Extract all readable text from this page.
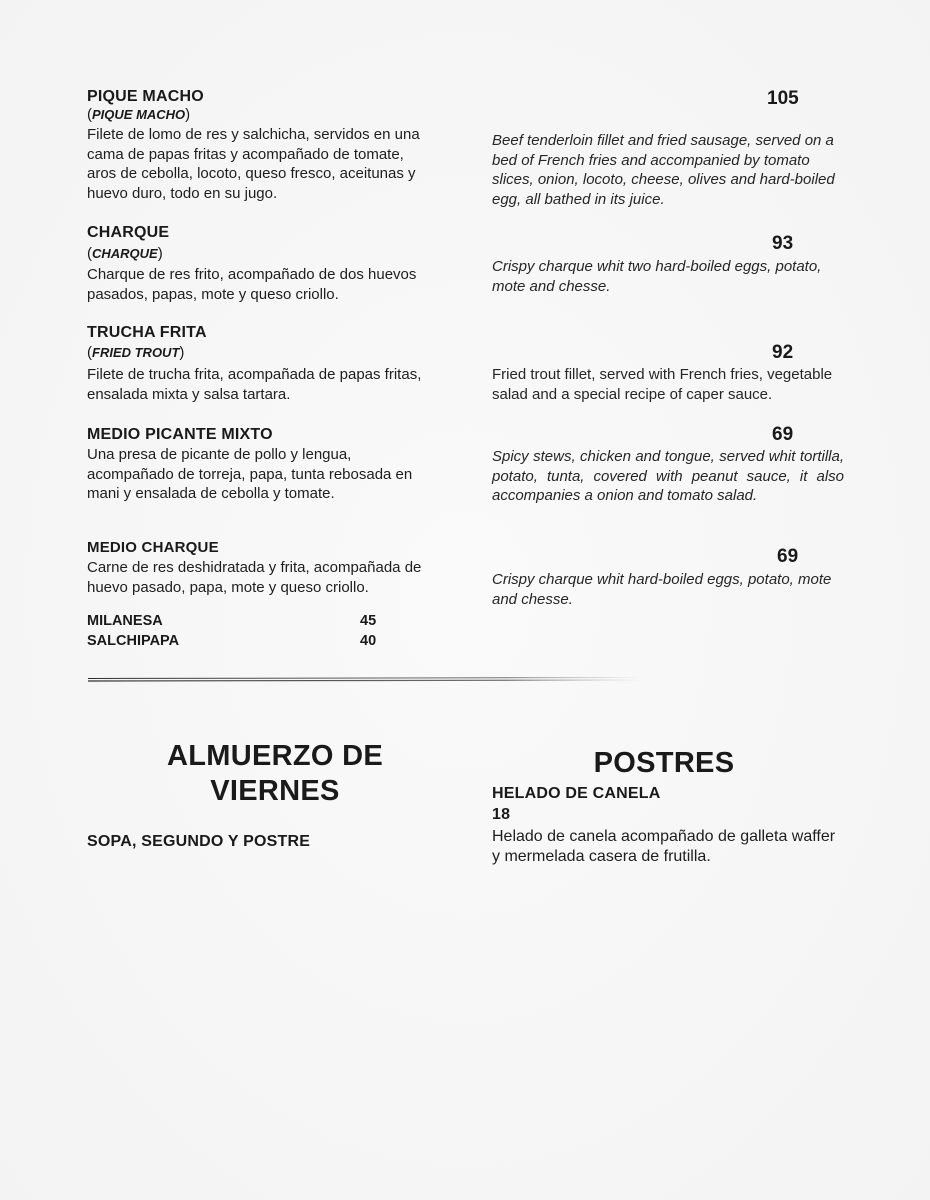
PIQUE MACHO
(PIQUE MACHO)
Filete de lomo de res y salchicha, servidos en una cama de papas fritas y acompañado de tomate, aros de cebolla, locoto, queso fresco, aceitunas y huevo duro, todo en su jugo.
105
Beef tenderloin fillet and fried sausage, served on a bed of French fries and accompanied by tomato slices, onion, locoto, cheese, olives and hard-boiled egg, all bathed in its juice.
CHARQUE
(CHARQUE)
Charque de res frito, acompañado de dos huevos pasados, papas, mote y queso criollo.
93
Crispy charque whit two hard-boiled eggs, potato, mote and chesse.
TRUCHA FRITA
(FRIED TROUT)
Filete de trucha frita, acompañada de papas fritas, ensalada mixta y salsa tartara.
92
Fried trout fillet, served with French fries, vegetable salad and a special recipe of caper sauce.
MEDIO PICANTE MIXTO
Una presa de picante de pollo y lengua, acompañado de torreja, papa, tunta rebosada en mani y ensalada de cebolla y tomate.
69
Spicy stews, chicken and tongue, served whit tortilla, potato, tunta, covered with peanut sauce, it also accompanies a onion and tomato salad.
MEDIO CHARQUE
Carne de res deshidratada y frita, acompañada de huevo pasado, papa, mote y queso criollo.
69
Crispy charque whit hard-boiled eggs, potato, mote and chesse.
MILANESA	45
SALCHIPAPA	40
ALMUERZO DE
VIERNES
SOPA, SEGUNDO Y POSTRE
POSTRES
HELADO DE CANELA
18
Helado de canela acompañado de galleta waffer y mermelada casera de frutilla.
